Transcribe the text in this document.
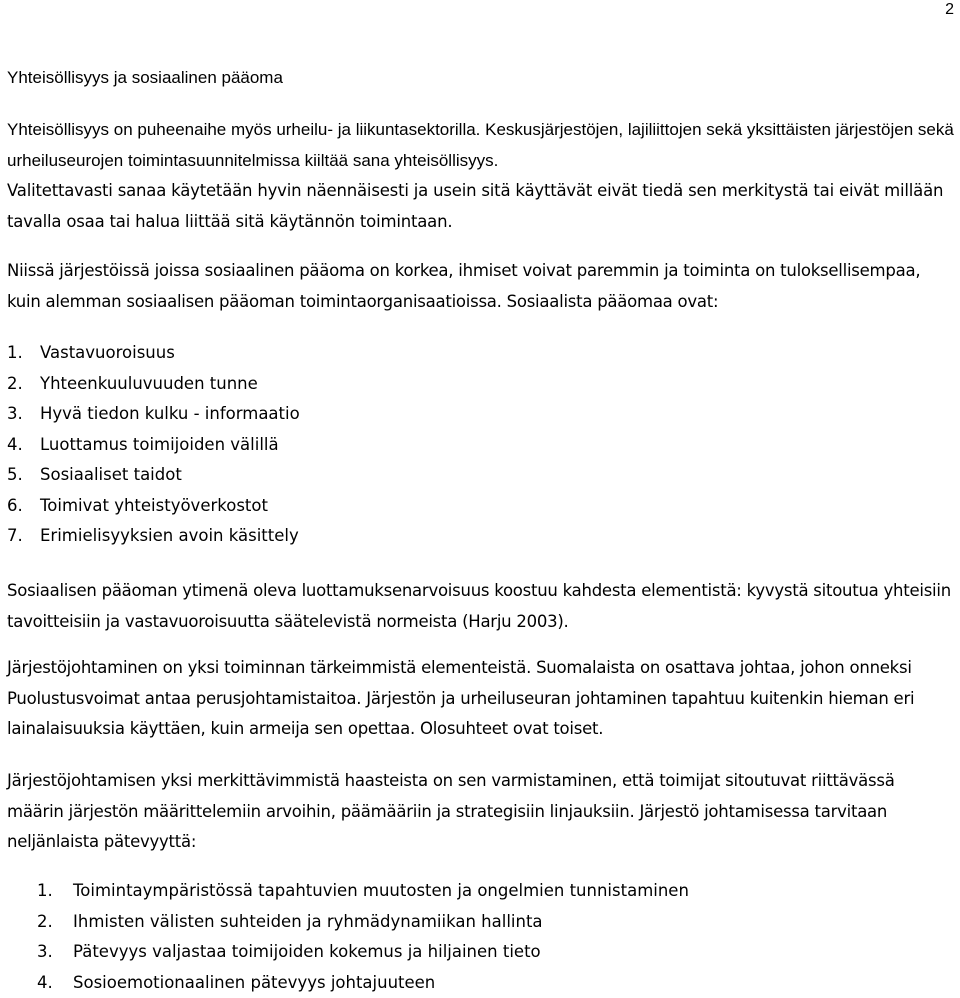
2
Yhteisöllisyys ja sosiaalinen pääoma

Yhteisöllisyys on puheenaihe myös urheilu- ja liikuntasektorilla. Keskusjärjestöjen, lajiliittojen sekä yksittäisten järjestöjen sekä urheiluseurojen toimintasuunnitelmissa kiiltää sana yhteisöllisyys.

Valitettavasti sanaa käytetään hyvin näennäisesti ja usein sitä käyttävät eivät tiedä sen merkitystä tai eivät millään tavalla osaa tai halua liittää sitä käytännön toimintaan.

Niissä järjestöissä joissa sosiaalinen pääoma on korkea, ihmiset voivat paremmin ja toiminta on tuloksellisempaa, kuin alemman sosiaalisen pääoman toimintaorganisaatioissa. Sosiaalista pääomaa ovat:

1.	Vastavuoroisuus
2.	Yhteenkuuluvuuden tunne
3.	Hyvä tiedon kulku - informaatio
4.	Luottamus toimijoiden välillä
5.	Sosiaaliset taidot
6.	Toimivat yhteistyöverkostot
7.	Erimielisyyksien avoin käsittely

Sosiaalisen pääoman ytimenä oleva luottamuksenarvoisuus koostuu kahdesta elementistä: kyvystä sitoutua yhteisiin tavoitteisiin ja vastavuoroisuutta säätelevistä normeista (Harju 2003).

Järjestöjohtaminen on yksi toiminnan tärkeimmistä elementeistä. Suomalaista on osattava johtaa, johon onneksi Puolustusvoimat antaa perusjohtamistaitoa. Järjestön ja urheiluseuran johtaminen tapahtuu kuitenkin hieman eri lainalaisuuksia käyttäen, kuin armeija sen opettaa. Olosuhteet ovat toiset.

Järjestöjohtamisen yksi merkittävimmistä haasteista on sen varmistaminen, että toimijat sitoutuvat riittävässä määrin järjestön määrittelemiin arvoihin, päämääriin ja strategisiin linjauksiin. Järjestö johtamisessa tarvitaan neljänlaista pätevyyttä:

1.	Toimintaympäristössä tapahtuvien muutosten ja ongelmien tunnistaminen
2.	Ihmisten välisten suhteiden ja ryhmädynamiikan hallinta
3.	Pätevyys valjastaa toimijoiden kokemus ja hiljainen tieto
4.	Sosioemotionaalinen pätevyys johtajuuteen
